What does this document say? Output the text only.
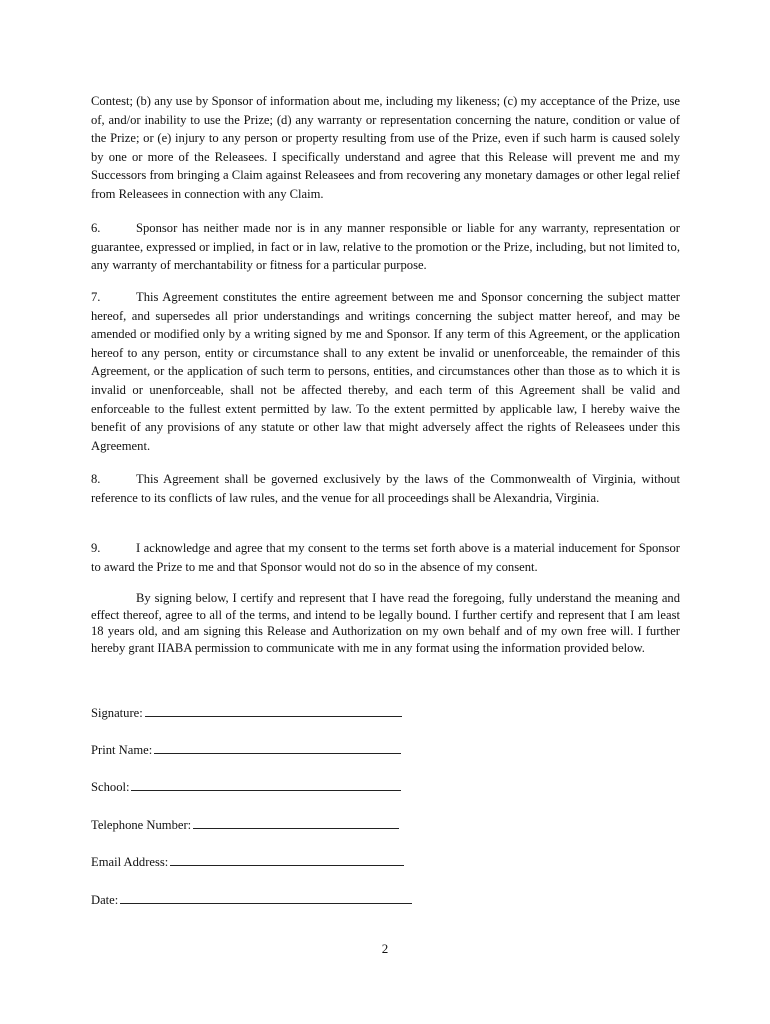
Contest; (b) any use by Sponsor of information about me, including my likeness; (c) my acceptance of the Prize, use of, and/or inability to use the Prize; (d) any warranty or representation concerning the nature, condition or value of the Prize; or (e) injury to any person or property resulting from use of the Prize, even if such harm is caused solely by one or more of the Releasees. I specifically understand and agree that this Release will prevent me and my Successors from bringing a Claim against Releasees and from recovering any monetary damages or other legal relief from Releasees in connection with any Claim.

6.	Sponsor has neither made nor is in any manner responsible or liable for any warranty, representation or guarantee, expressed or implied, in fact or in law, relative to the promotion or the Prize, including, but not limited to, any warranty of merchantability or fitness for a particular purpose.

7.	This Agreement constitutes the entire agreement between me and Sponsor concerning the subject matter hereof, and supersedes all prior understandings and writings concerning the subject matter hereof, and may be amended or modified only by a writing signed by me and Sponsor. If any term of this Agreement, or the application hereof to any person, entity or circumstance shall to any extent be invalid or unenforceable, the remainder of this Agreement, or the application of such term to persons, entities, and circumstances other than those as to which it is invalid or unenforceable, shall not be affected thereby, and each term of this Agreement shall be valid and enforceable to the fullest extent permitted by law. To the extent permitted by applicable law, I hereby waive the benefit of any provisions of any statute or other law that might adversely affect the rights of Releasees under this Agreement.

8.	This Agreement shall be governed exclusively by the laws of the Commonwealth of Virginia, without reference to its conflicts of law rules, and the venue for all proceedings shall be Alexandria, Virginia.

9.	I acknowledge and agree that my consent to the terms set forth above is a material inducement for Sponsor to award the Prize to me and that Sponsor would not do so in the absence of my consent.

By signing below, I certify and represent that I have read the foregoing, fully understand the meaning and effect thereof, agree to all of the terms, and intend to be legally bound. I further certify and represent that I am least 18 years old, and am signing this Release and Authorization on my own behalf and of my own free will. I further hereby grant IIABA permission to communicate with me in any format using the information provided below.

Signature:
Print Name:
School:
Telephone Number:
Email Address:
Date:
2
